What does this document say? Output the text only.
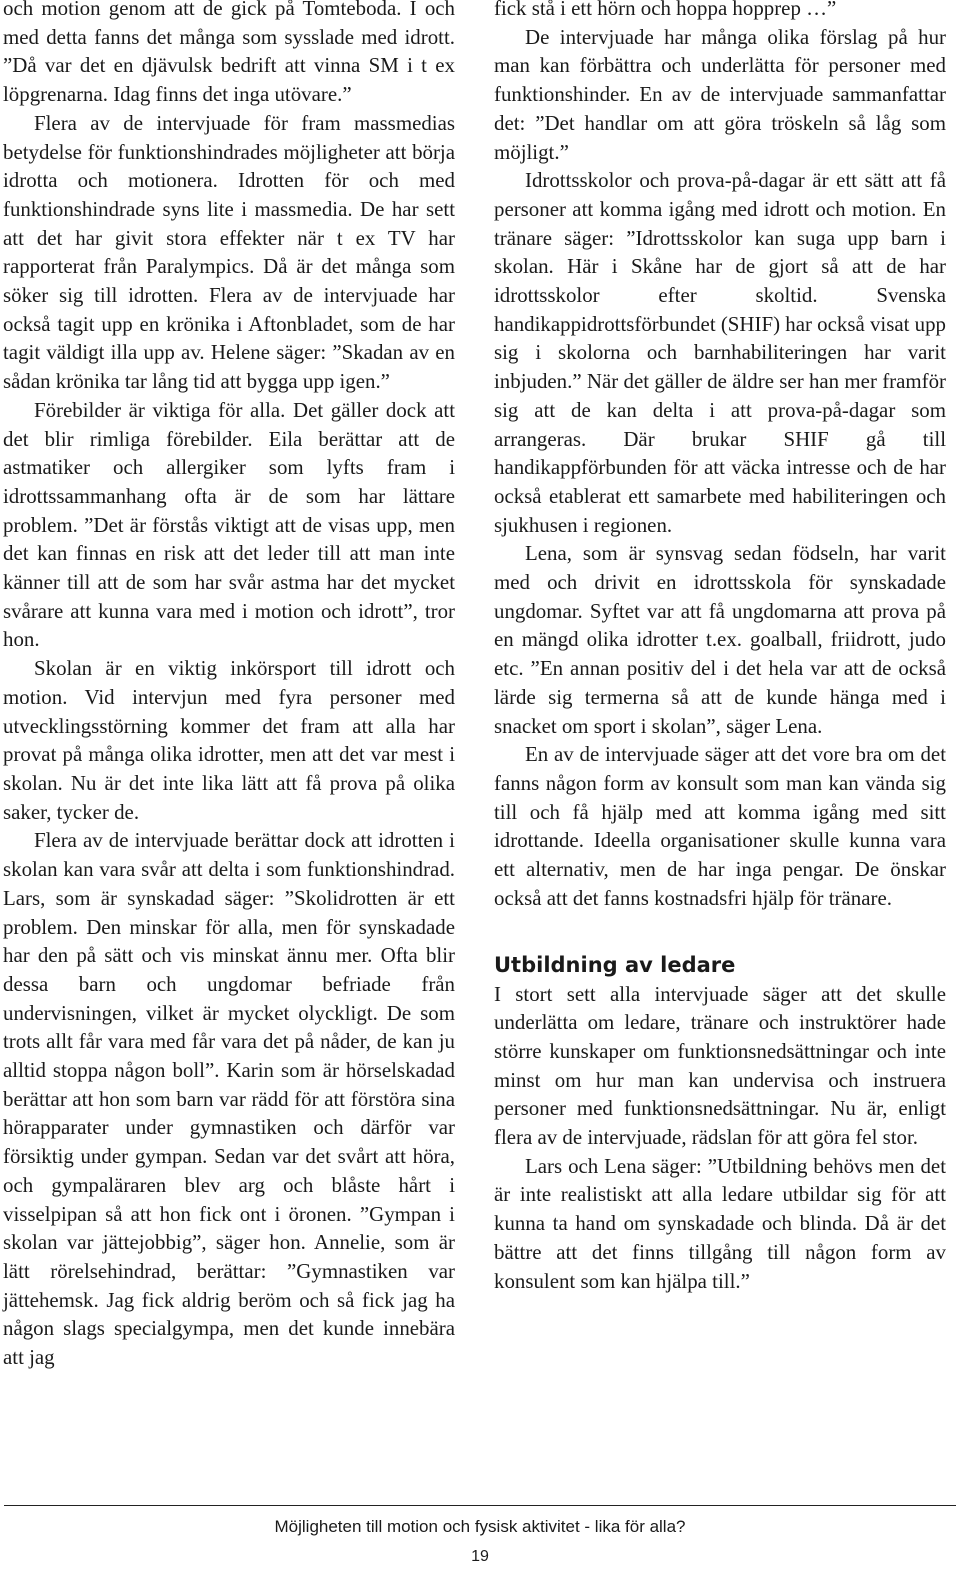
och motion genom att de gick på Tomteboda. I och med detta fanns det många som sysslade med idrott. ”Då var det en djävulsk bedrift att vinna SM i t ex löpgrenarna. Idag finns det inga utövare.”

Flera av de intervjuade för fram massmedias betydelse för funktionshindrades möjligheter att börja idrotta och motionera. Idrotten för och med funktionshindrade syns lite i massmedia. De har sett att det har givit stora effekter när t ex TV har rapporterat från Paralympics. Då är det många som söker sig till idrotten. Flera av de intervjuade har också tagit upp en krönika i Aftonbladet, som de har tagit väldigt illa upp av. Helene säger: ”Skadan av en sådan krönika tar lång tid att bygga upp igen.”

Förebilder är viktiga för alla. Det gäller dock att det blir rimliga förebilder. Eila berättar att de astmatiker och allergiker som lyfts fram i idrottssammanhang ofta är de som har lättare problem. ”Det är förstås viktigt att de visas upp, men det kan finnas en risk att det leder till att man inte känner till att de som har svår astma har det mycket svårare att kunna vara med i motion och idrott”, tror hon.

Skolan är en viktig inkörsport till idrott och motion. Vid intervjun med fyra personer med utvecklingsstörning kommer det fram att alla har provat på många olika idrotter, men att det var mest i skolan. Nu är det inte lika lätt att få prova på olika saker, tycker de.

Flera av de intervjuade berättar dock att idrotten i skolan kan vara svår att delta i som funktionshindrad. Lars, som är synskadad säger: ”Skolidrotten är ett problem. Den minskar för alla, men för synskadade har den på sätt och vis minskat ännu mer. Ofta blir dessa barn och ungdomar befriade från undervisningen, vilket är mycket olyckligt. De som trots allt får vara med får vara det på nåder, de kan ju alltid stoppa någon boll”. Karin som är hörselskadad berättar att hon som barn var rädd för att förstöra sina hörapparater under gymnastiken och därför var försiktig under gympan. Sedan var det svårt att höra, och gympaläraren blev arg och blåste hårt i visselpipan så att hon fick ont i öronen. ”Gympan i skolan var jättejobbig”, säger hon. Annelie, som är lätt rörelsehindrad, berättar: ”Gymnastiken var jättehemsk. Jag fick aldrig beröm och så fick jag ha någon slags specialgympa, men det kunde innebära att jag

fick stå i ett hörn och hoppa hopprep …”

De intervjuade har många olika förslag på hur man kan förbättra och underlätta för personer med funktionshinder. En av de intervjuade sammanfattar det: ”Det handlar om att göra tröskeln så låg som möjligt.”

Idrottsskolor och prova-på-dagar är ett sätt att få personer att komma igång med idrott och motion. En tränare säger: ”Idrottsskolor kan suga upp barn i skolan. Här i Skåne har de gjort så att de har idrottsskolor efter skoltid. Svenska handikappidrottsförbundet (SHIF) har också visat upp sig i skolorna och barnhabiliteringen har varit inbjuden.” När det gäller de äldre ser han mer framför sig att de kan delta i att prova-på-dagar som arrangeras. Där brukar SHIF gå till handikappförbunden för att väcka intresse och de har också etablerat ett samarbete med habiliteringen och sjukhusen i regionen.

Lena, som är synsvag sedan födseln, har varit med och drivit en idrottsskola för synskadade ungdomar. Syftet var att få ungdomarna att prova på en mängd olika idrotter t.ex. goalball, friidrott, judo etc. ”En annan positiv del i det hela var att de också lärde sig termerna så att de kunde hänga med i snacket om sport i skolan”, säger Lena.

En av de intervjuade säger att det vore bra om det fanns någon form av konsult som man kan vända sig till och få hjälp med att komma igång med sitt idrottande. Ideella organisationer skulle kunna vara ett alternativ, men de har inga pengar. De önskar också att det fanns kostnadsfri hjälp för tränare.

Utbildning av ledare

I stort sett alla intervjuade säger att det skulle underlätta om ledare, tränare och instruktörer hade större kunskaper om funktionsnedsättningar och inte minst om hur man kan undervisa och instruera personer med funktionsnedsättningar. Nu är, enligt flera av de intervjuade, rädslan för att göra fel stor.

Lars och Lena säger: ”Utbildning behövs men det är inte realistiskt att alla ledare utbildar sig för att kunna ta hand om synskadade och blinda. Då är det bättre att det finns tillgång till någon form av konsulent som kan hjälpa till.”

Möjligheten till motion och fysisk aktivitet - lika för alla?
19
